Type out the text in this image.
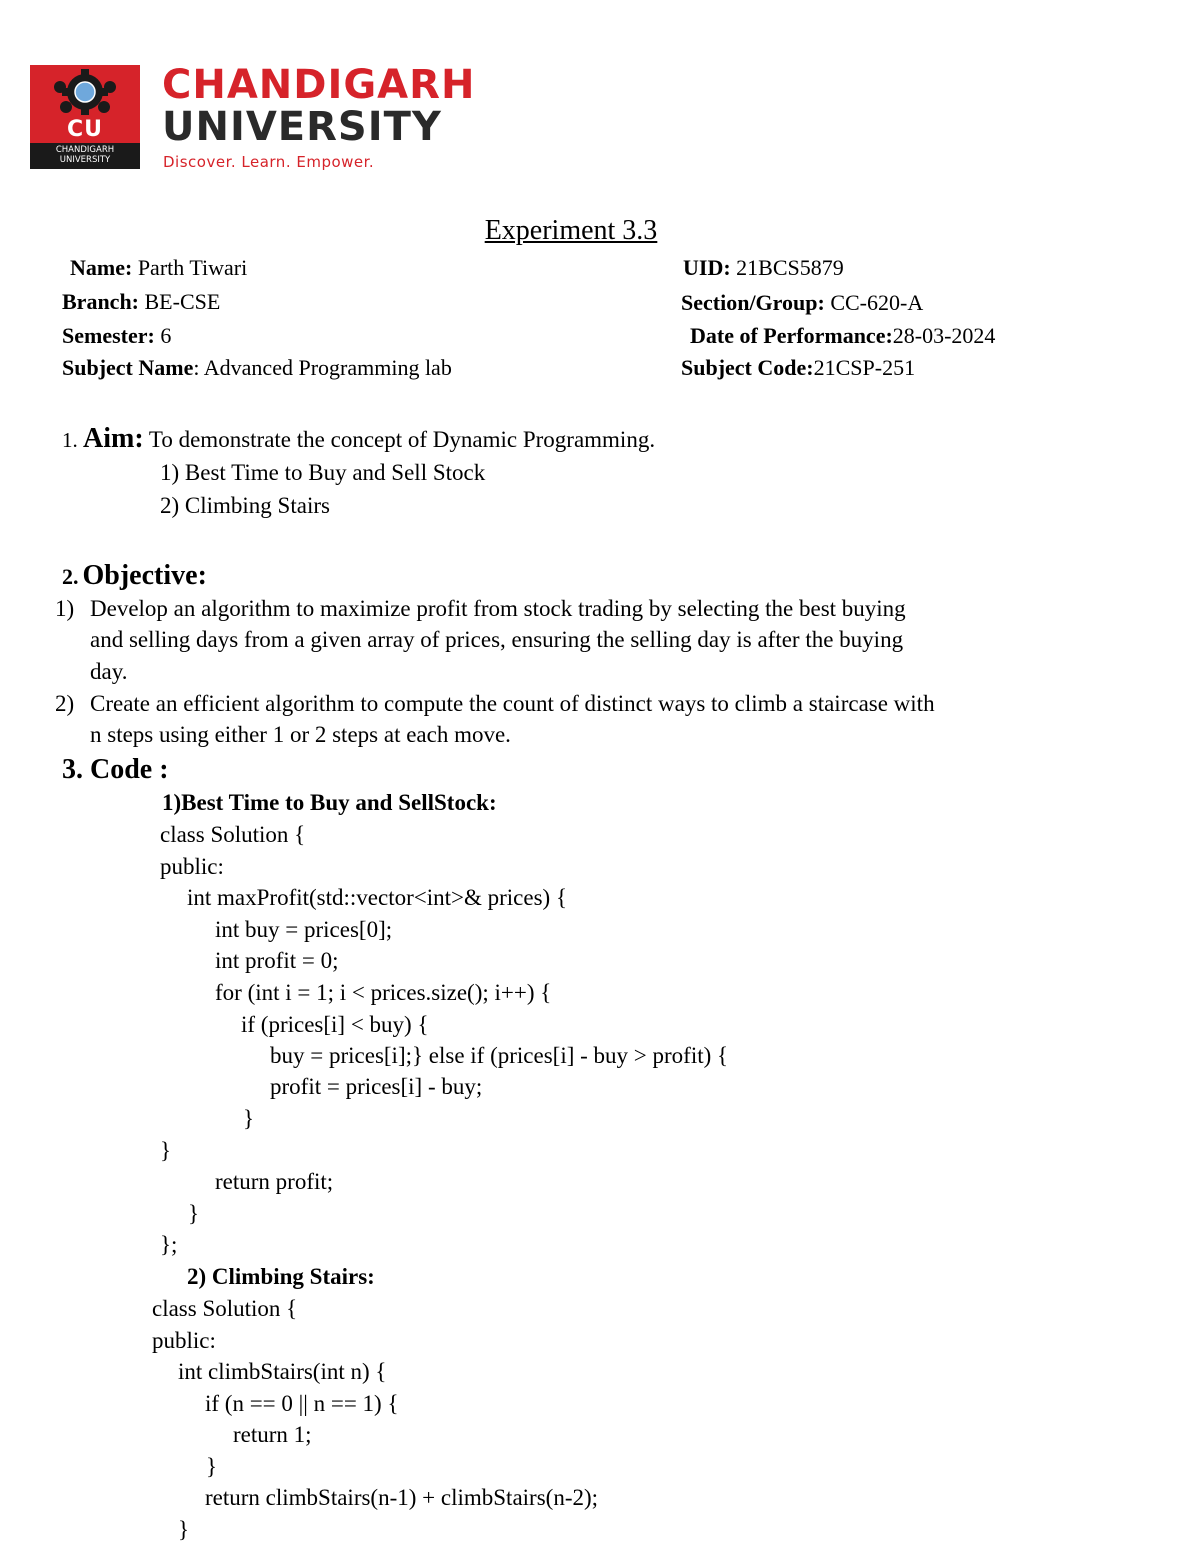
CU
CHANDIGARH
UNIVERSITY
CHANDIGARH
UNIVERSITY
Discover. Learn. Empower.
Experiment 3.3
Name: Parth Tiwari	UID: 21BCS5879
Branch: BE-CSE	Section/Group: CC-620-A
Semester: 6	Date of Performance:28-03-2024
Subject Name: Advanced Programming lab	Subject Code:21CSP-251
1. Aim: To demonstrate the concept of Dynamic Programming.
1) Best Time to Buy and Sell Stock
2) Climbing Stairs
2. Objective:
1) Develop an algorithm to maximize profit from stock trading by selecting the best buying
and selling days from a given array of prices, ensuring the selling day is after the buying
day.
2) Create an efficient algorithm to compute the count of distinct ways to climb a staircase with
n steps using either 1 or 2 steps at each move.
3. Code :
1)Best Time to Buy and SellStock:
class Solution {
public:
int maxProfit(std::vector<int>& prices) {
int buy = prices[0];
int profit = 0;
for (int i = 1; i < prices.size(); i++) {
if (prices[i] < buy) {
buy = prices[i];} else if (prices[i] - buy > profit) {
profit = prices[i] - buy;
}
}
return profit;
}
};
2) Climbing Stairs:
class Solution {
public:
int climbStairs(int n) {
if (n == 0 || n == 1) {
return 1;
}
return climbStairs(n-1) + climbStairs(n-2);
}
